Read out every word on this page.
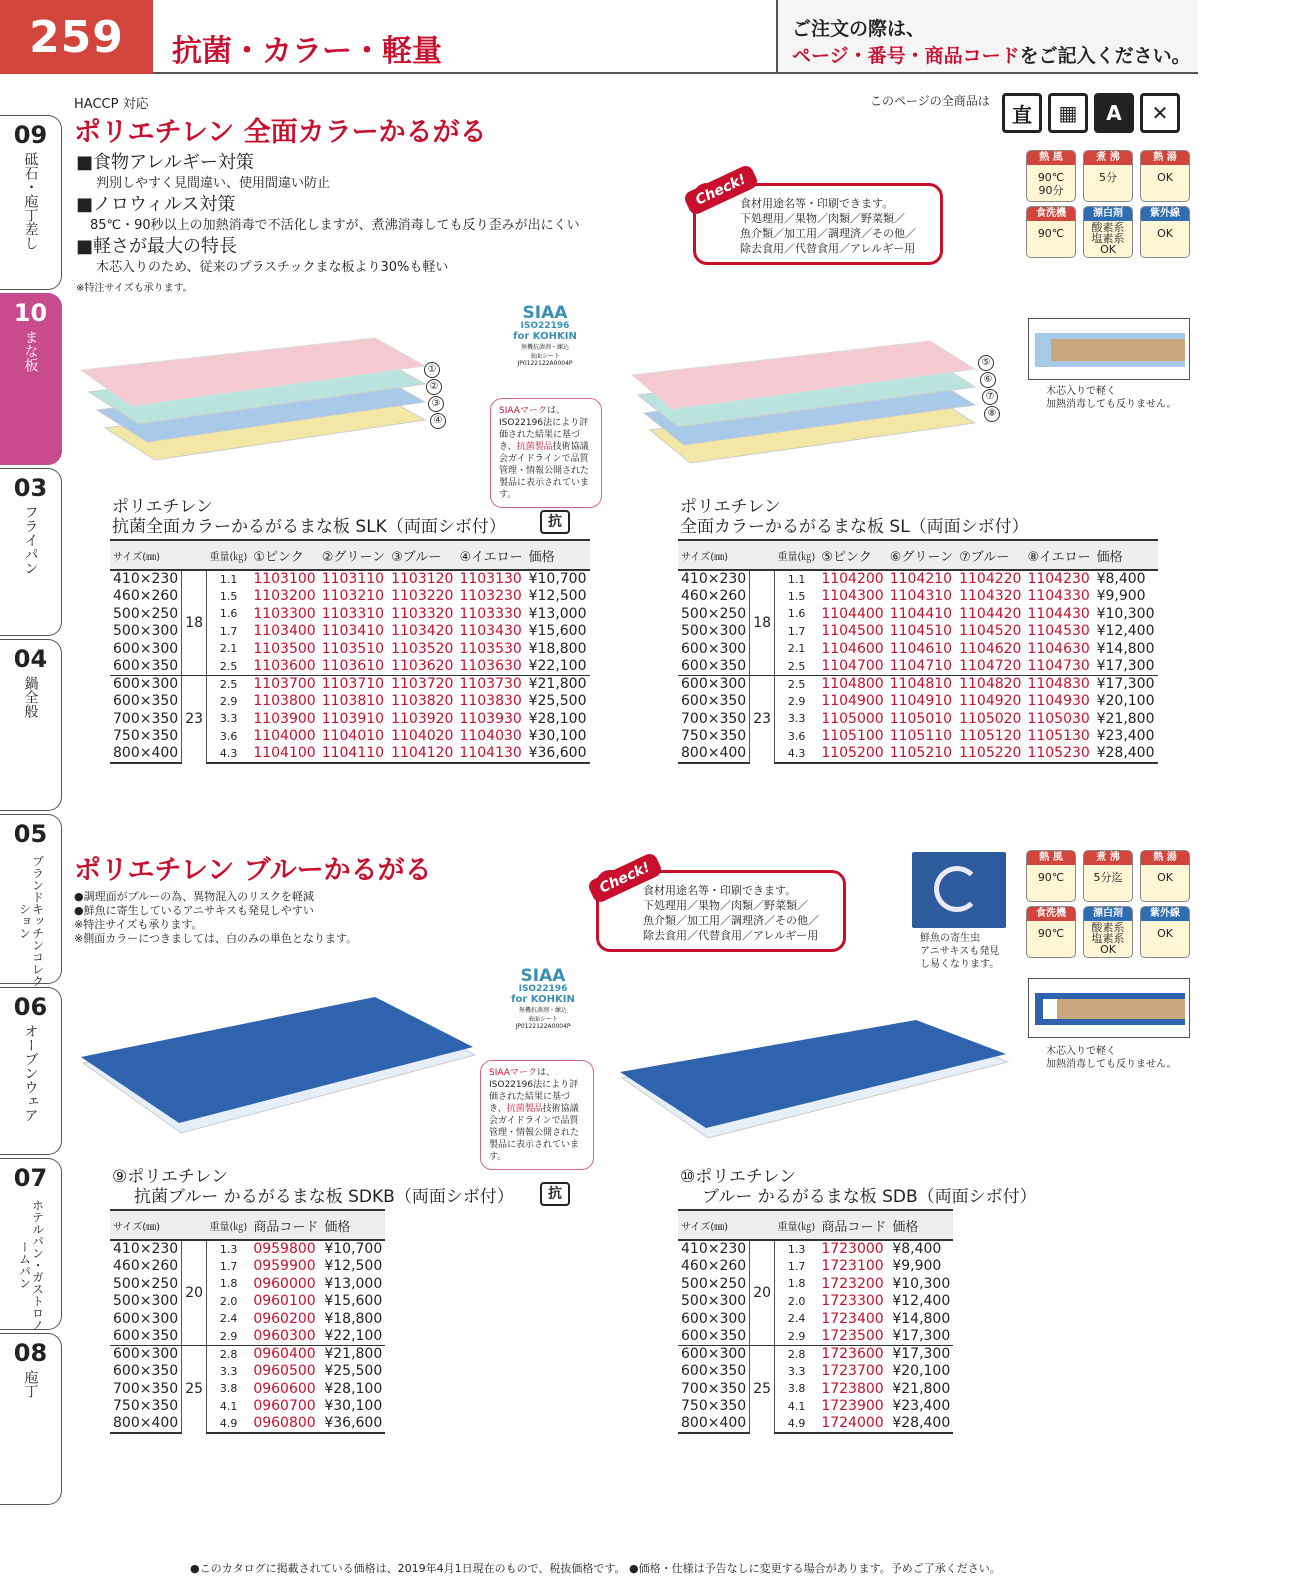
259	抗菌・カラー・軽量
ご注文の際は、
ページ・番号・商品コードをご記入ください。
09
砥石・庖丁差し
10
まな板
03
フライパン
04
鍋全般
05
ブランドキッチンコレクション
06
オーブンウェア
07
ホテルパン・ガストロノームパン
08
庖丁
HACCP 対応
ポリエチレン 全面カラーかるがる
■食物アレルギー対策
判別しやすく見間違い、使用間違い防止
■ノロウィルス対策
85℃・90秒以上の加熱消毒で不活化しますが、煮沸消毒しても反り歪みが出にくい
■軽さが最大の特長
木芯入りのため、従来のプラスチックまな板より30%も軽い
※特注サイズも承ります。
このページの全商品は
直	▦	A	✕
食材用途名等・印刷できます。
下処理用／果物／肉類／野菜類／
魚介類／加工用／調理済／その他／
除去食用／代替食用／アレルギー用
Check!
熱 風
90℃
90分
煮 沸
5分
熱 湯
OK
食洗機
90℃
漂白剤
酸素系
塩素系
OK
紫外線
OK
SIAA
ISO22196
for KOHKIN
無機抗菌剤・練込
表面シート
JP0122122A0004P
SIAAマークは、ISO22196法により評価された結果に基づき、抗菌製品技術協議会ガイドラインで品質管理・情報公開された製品に表示されています。
①
②
③
④
⑤
⑥
⑦
⑧
木芯入りで軽く
加熱消毒しても反りません。
ポリエチレン
抗菌全面カラーかるがるまな板 SLK（両面シボ付）	抗
サイズ(㎜)		重量(㎏)	①ピンク	②グリーン	③ブルー	④イエロー	価格
410×230	18	1.1	1103100	1103110	1103120	1103130	¥10,700
460×260		1.5	1103200	1103210	1103220	1103230	¥12,500
500×250		1.6	1103300	1103310	1103320	1103330	¥13,000
500×300		1.7	1103400	1103410	1103420	1103430	¥15,600
600×300		2.1	1103500	1103510	1103520	1103530	¥18,800
600×350		2.5	1103600	1103610	1103620	1103630	¥22,100
600×300	23	2.5	1103700	1103710	1103720	1103730	¥21,800
600×350		2.9	1103800	1103810	1103820	1103830	¥25,500
700×350		3.3	1103900	1103910	1103920	1103930	¥28,100
750×350		3.6	1104000	1104010	1104020	1104030	¥30,100
800×400		4.3	1104100	1104110	1104120	1104130	¥36,600
ポリエチレン
全面カラーかるがるまな板 SL（両面シボ付）
サイズ(㎜)		重量(㎏)	⑤ピンク	⑥グリーン	⑦ブルー	⑧イエロー	価格
410×230	18	1.1	1104200	1104210	1104220	1104230	¥8,400
460×260		1.5	1104300	1104310	1104320	1104330	¥9,900
500×250		1.6	1104400	1104410	1104420	1104430	¥10,300
500×300		1.7	1104500	1104510	1104520	1104530	¥12,400
600×300		2.1	1104600	1104610	1104620	1104630	¥14,800
600×350		2.5	1104700	1104710	1104720	1104730	¥17,300
600×300	23	2.5	1104800	1104810	1104820	1104830	¥17,300
600×350		2.9	1104900	1104910	1104920	1104930	¥20,100
700×350		3.3	1105000	1105010	1105020	1105030	¥21,800
750×350		3.6	1105100	1105110	1105120	1105130	¥23,400
800×400		4.3	1105200	1105210	1105220	1105230	¥28,400
ポリエチレン ブルーかるがる
●調理面がブルーの為、異物混入のリスクを軽減
●鮮魚に寄生しているアニサキスも発見しやすい
※特注サイズも承ります。
※側面カラーにつきましては、白のみの単色となります。
食材用途名等・印刷できます。
下処理用／果物／肉類／野菜類／
魚介類／加工用／調理済／その他／
除去食用／代替食用／アレルギー用
Check!
鮮魚の寄生虫
アニサキスも発見
し易くなります。
熱 風
90℃
煮 沸
5分迄
熱 湯
OK
食洗機
90℃
漂白剤
酸素系
塩素系
OK
紫外線
OK
木芯入りで軽く
加熱消毒しても反りません。
SIAA
ISO22196
for KOHKIN
無機抗菌剤・練込
表面シート
JP0122122A0004P
SIAAマークは、ISO22196法により評価された結果に基づき、抗菌製品技術協議会ガイドラインで品質管理・情報公開された製品に表示されています。
⑨ポリエチレン
抗菌ブルー かるがるまな板 SDKB（両面シボ付）	抗
サイズ(㎜)		重量(㎏)	商品コード	価格
410×230	20	1.3	0959800	¥10,700
460×260		1.7	0959900	¥12,500
500×250		1.8	0960000	¥13,000
500×300		2.0	0960100	¥15,600
600×300		2.4	0960200	¥18,800
600×350		2.9	0960300	¥22,100
600×300	25	2.8	0960400	¥21,800
600×350		3.3	0960500	¥25,500
700×350		3.8	0960600	¥28,100
750×350		4.1	0960700	¥30,100
800×400		4.9	0960800	¥36,600
⑩ポリエチレン
ブルー かるがるまな板 SDB（両面シボ付）
サイズ(㎜)		重量(㎏)	商品コード	価格
410×230	20	1.3	1723000	¥8,400
460×260		1.7	1723100	¥9,900
500×250		1.8	1723200	¥10,300
500×300		2.0	1723300	¥12,400
600×300		2.4	1723400	¥14,800
600×350		2.9	1723500	¥17,300
600×300	25	2.8	1723600	¥17,300
600×350		3.3	1723700	¥20,100
700×350		3.8	1723800	¥21,800
750×350		4.1	1723900	¥23,400
800×400		4.9	1724000	¥28,400
●このカタログに掲載されている価格は、2019年4月1日現在のもので、税抜価格です。 ●価格・仕様は予告なしに変更する場合があります。予めご了承ください。
